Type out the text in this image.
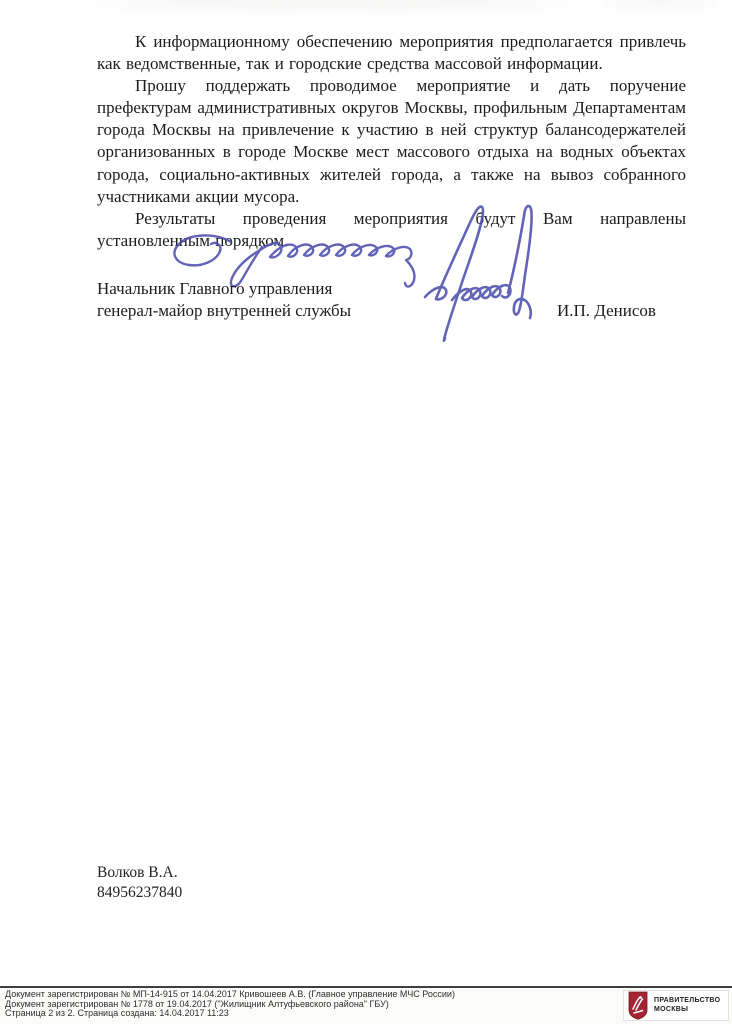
К информационному обеспечению мероприятия предполагается привлечь как ведомственные, так и городские средства массовой информации.

Прошу поддержать проводимое мероприятие и дать поручение префектурам административных округов Москвы, профильным Департаментам города Москвы на привлечение к участию в ней структур балансодержателей организованных в городе Москве мест массового отдыха на водных объектах города, социально-активных жителей города, а также на вывоз собранного участниками акции мусора.

Результаты проведения мероприятия будут Вам направлены установленным порядком.

Начальник Главного управления
генерал-майор внутренней службы	И.П. Денисов
Волков В.А.
84956237840
Документ зарегистрирован № МП-14-915 от 14.04.2017 Кривошеев А.В. (Главное управление МЧС России)
Документ зарегистрирован № 1778 от 19.04.2017 ("Жилищник Алтуфьевского района" ГБУ)
Страница 2 из 2. Страница создана: 14.04.2017 11:23
ПРАВИТЕЛЬСТВО
МОСКВЫ
